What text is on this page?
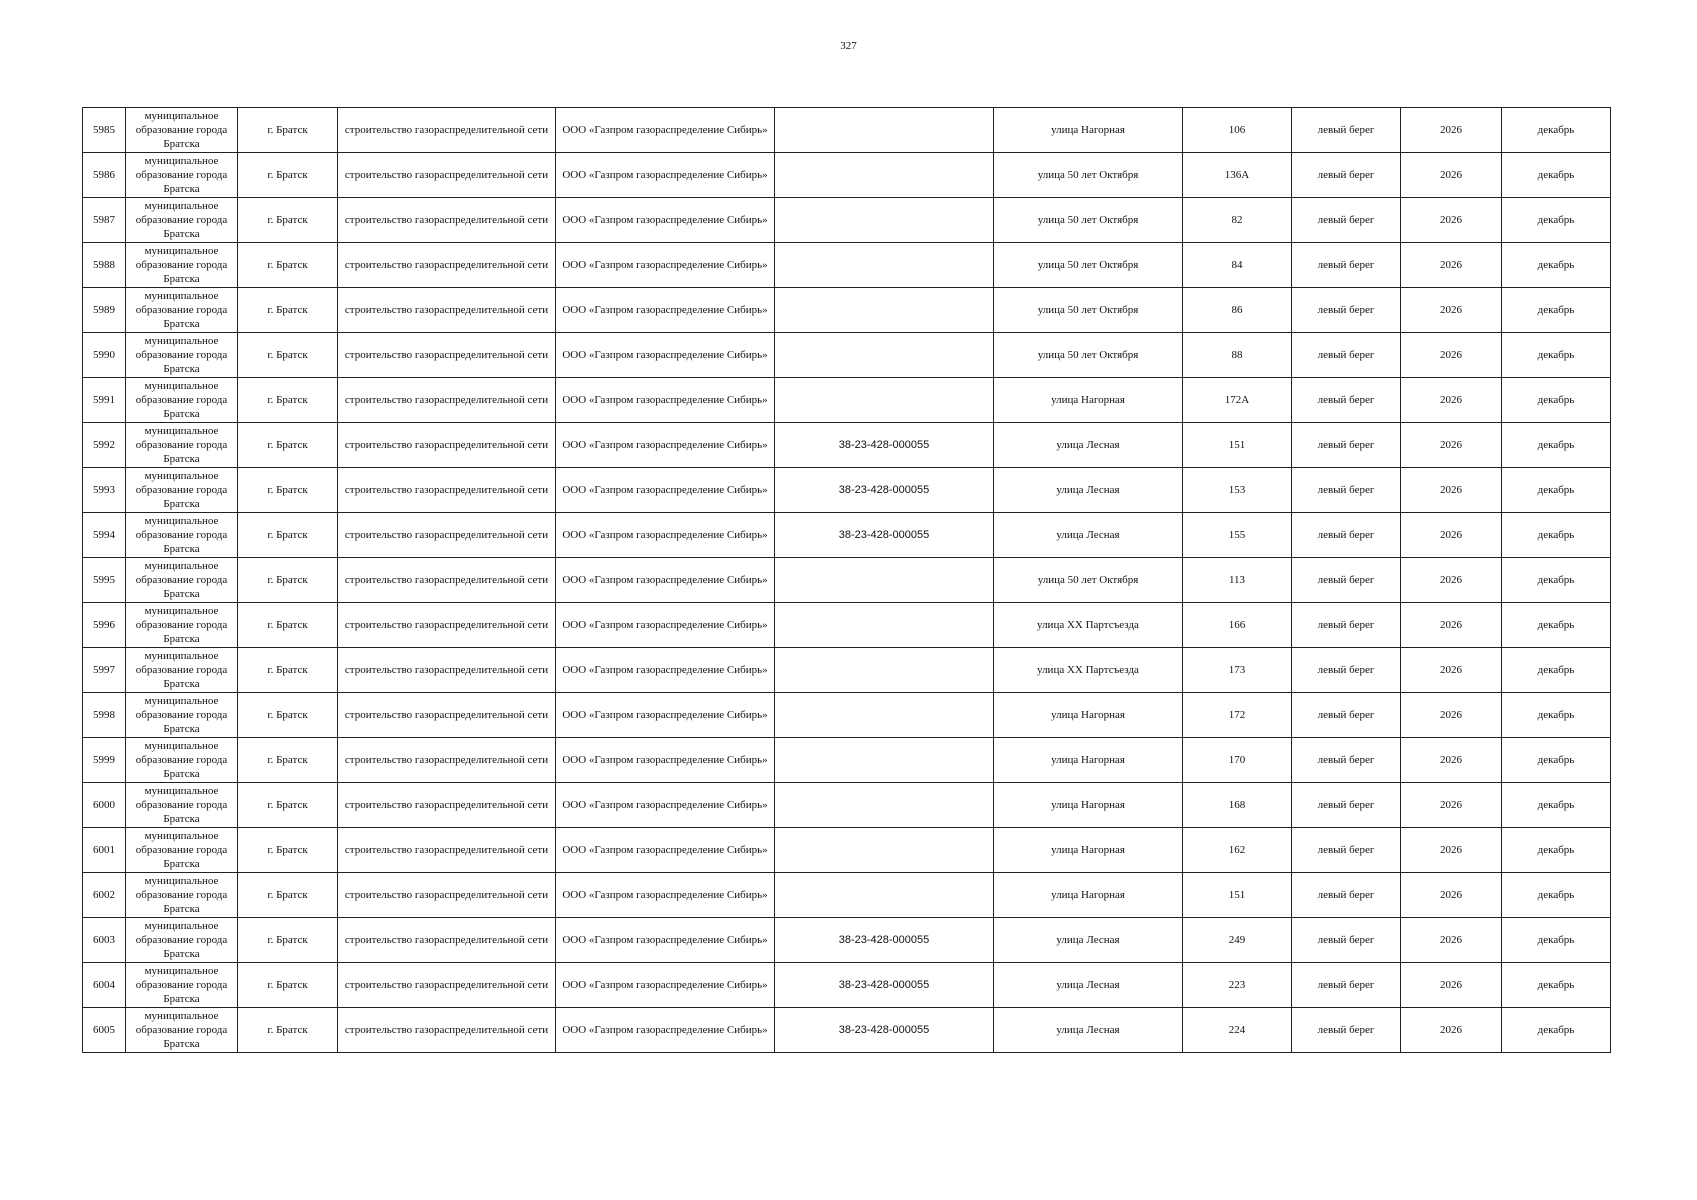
327
5985	муниципальное образование города Братска	г. Братск	строительство газораспределительной сети	ООО «Газпром газораспределение Сибирь»		улица Нагорная	106	левый берег	2026	декабрь
5986	муниципальное образование города Братска	г. Братск	строительство газораспределительной сети	ООО «Газпром газораспределение Сибирь»		улица 50 лет Октября	136А	левый берег	2026	декабрь
5987	муниципальное образование города Братска	г. Братск	строительство газораспределительной сети	ООО «Газпром газораспределение Сибирь»		улица 50 лет Октября	82	левый берег	2026	декабрь
5988	муниципальное образование города Братска	г. Братск	строительство газораспределительной сети	ООО «Газпром газораспределение Сибирь»		улица 50 лет Октября	84	левый берег	2026	декабрь
5989	муниципальное образование города Братска	г. Братск	строительство газораспределительной сети	ООО «Газпром газораспределение Сибирь»		улица 50 лет Октября	86	левый берег	2026	декабрь
5990	муниципальное образование города Братска	г. Братск	строительство газораспределительной сети	ООО «Газпром газораспределение Сибирь»		улица 50 лет Октября	88	левый берег	2026	декабрь
5991	муниципальное образование города Братска	г. Братск	строительство газораспределительной сети	ООО «Газпром газораспределение Сибирь»		улица Нагорная	172А	левый берег	2026	декабрь
5992	муниципальное образование города Братска	г. Братск	строительство газораспределительной сети	ООО «Газпром газораспределение Сибирь»	38-23-428-000055	улица Лесная	151	левый берег	2026	декабрь
5993	муниципальное образование города Братска	г. Братск	строительство газораспределительной сети	ООО «Газпром газораспределение Сибирь»	38-23-428-000055	улица Лесная	153	левый берег	2026	декабрь
5994	муниципальное образование города Братска	г. Братск	строительство газораспределительной сети	ООО «Газпром газораспределение Сибирь»	38-23-428-000055	улица Лесная	155	левый берег	2026	декабрь
5995	муниципальное образование города Братска	г. Братск	строительство газораспределительной сети	ООО «Газпром газораспределение Сибирь»		улица 50 лет Октября	113	левый берег	2026	декабрь
5996	муниципальное образование города Братска	г. Братск	строительство газораспределительной сети	ООО «Газпром газораспределение Сибирь»		улица XX Партсъезда	166	левый берег	2026	декабрь
5997	муниципальное образование города Братска	г. Братск	строительство газораспределительной сети	ООО «Газпром газораспределение Сибирь»		улица XX Партсъезда	173	левый берег	2026	декабрь
5998	муниципальное образование города Братска	г. Братск	строительство газораспределительной сети	ООО «Газпром газораспределение Сибирь»		улица Нагорная	172	левый берег	2026	декабрь
5999	муниципальное образование города Братска	г. Братск	строительство газораспределительной сети	ООО «Газпром газораспределение Сибирь»		улица Нагорная	170	левый берег	2026	декабрь
6000	муниципальное образование города Братска	г. Братск	строительство газораспределительной сети	ООО «Газпром газораспределение Сибирь»		улица Нагорная	168	левый берег	2026	декабрь
6001	муниципальное образование города Братска	г. Братск	строительство газораспределительной сети	ООО «Газпром газораспределение Сибирь»		улица Нагорная	162	левый берег	2026	декабрь
6002	муниципальное образование города Братска	г. Братск	строительство газораспределительной сети	ООО «Газпром газораспределение Сибирь»		улица Нагорная	151	левый берег	2026	декабрь
6003	муниципальное образование города Братска	г. Братск	строительство газораспределительной сети	ООО «Газпром газораспределение Сибирь»	38-23-428-000055	улица Лесная	249	левый берег	2026	декабрь
6004	муниципальное образование города Братска	г. Братск	строительство газораспределительной сети	ООО «Газпром газораспределение Сибирь»	38-23-428-000055	улица Лесная	223	левый берег	2026	декабрь
6005	муниципальное образование города Братска	г. Братск	строительство газораспределительной сети	ООО «Газпром газораспределение Сибирь»	38-23-428-000055	улица Лесная	224	левый берег	2026	декабрь
